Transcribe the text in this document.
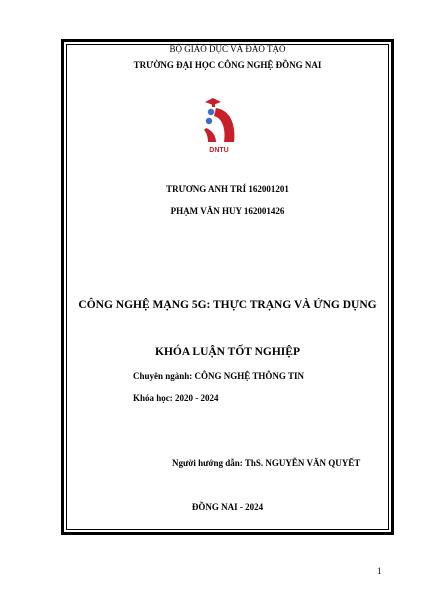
BỘ GIÁO DỤC VÀ ĐÀO TẠO
TRƯỜNG ĐẠI HỌC CÔNG NGHỆ ĐỒNG NAI
DNTU
TRƯƠNG ANH TRÍ 162001201
PHẠM VĂN HUY 162001426
CÔNG NGHỆ MẠNG 5G: THỰC TRẠNG VÀ ỨNG DỤNG
KHÓA LUẬN TỐT NGHIỆP
Chuyên ngành: CÔNG NGHỆ THÔNG TIN
Khóa học: 2020 - 2024
Người hướng dẫn: ThS. NGUYỄN VĂN QUYẾT
ĐỒNG NAI - 2024
1
